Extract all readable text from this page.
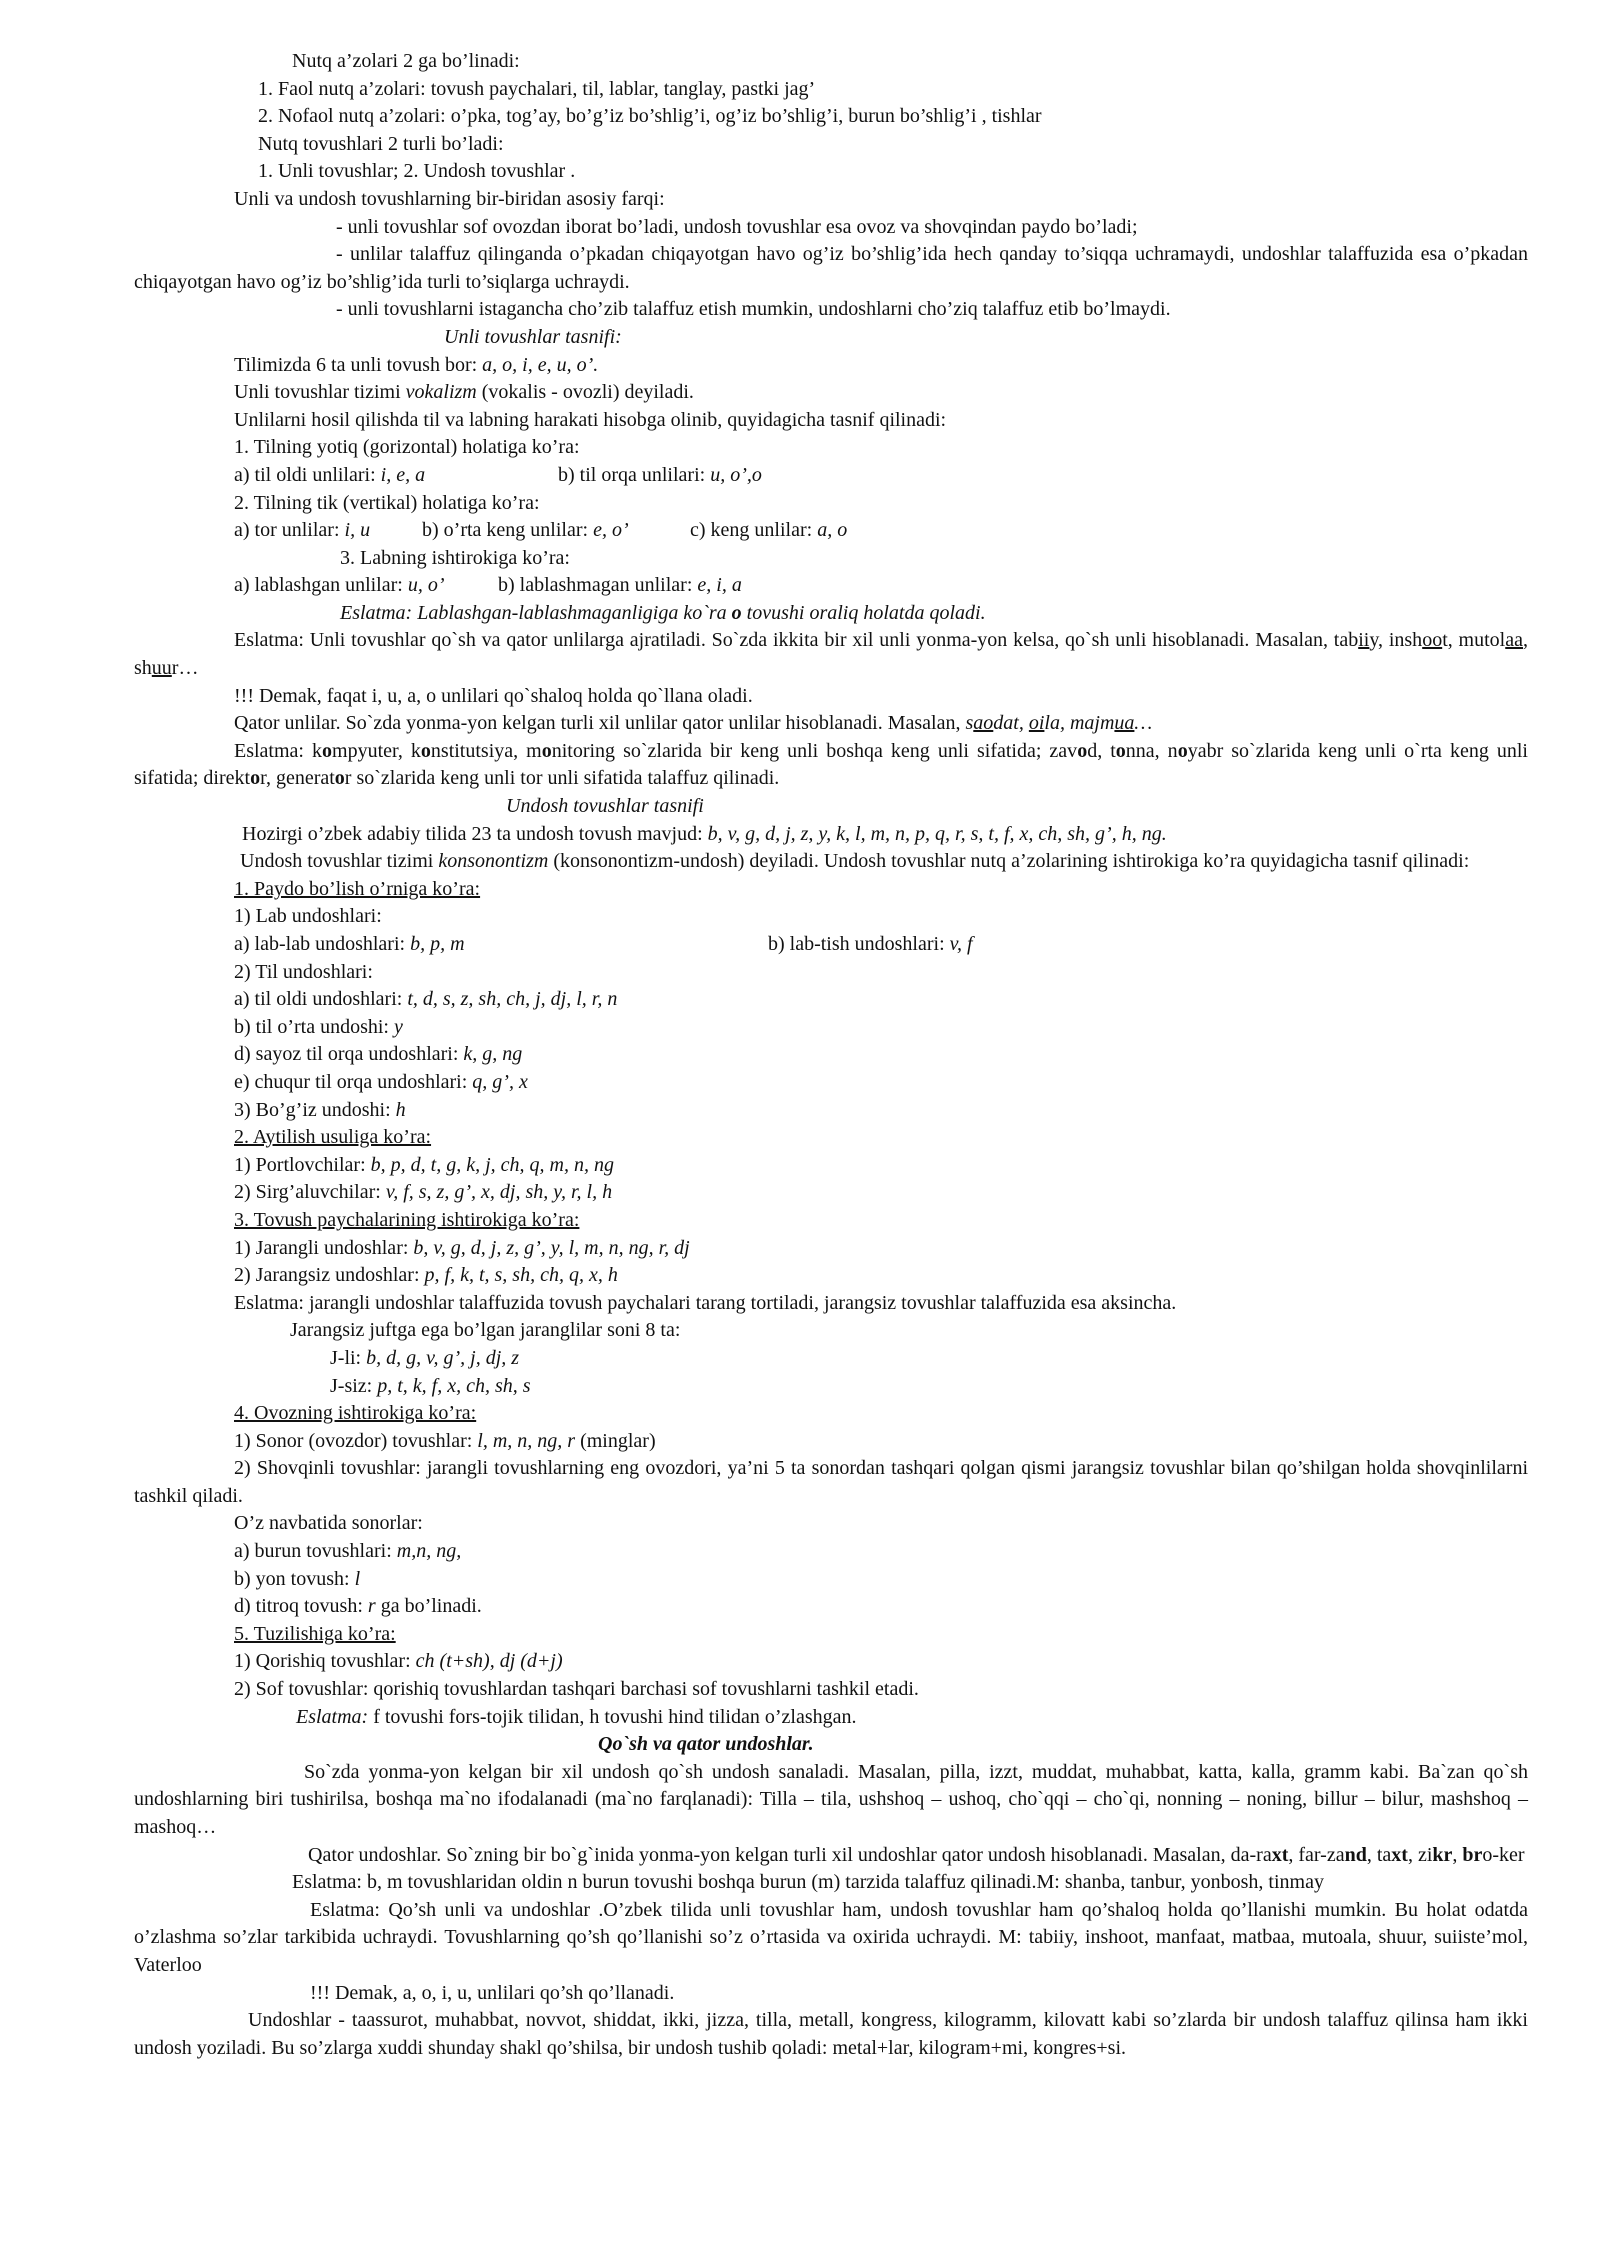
Nutq a’zolari 2 ga bo’linadi:

1. Faol nutq a’zolari: tovush paychalari, til, lablar, tanglay, pastki jag’

2. Nofaol nutq a’zolari: o’pka, tog’ay, bo’g’iz bo’shlig’i, og’iz bo’shlig’i, burun bo’shlig’i , tishlar

Nutq tovushlari 2 turli bo’ladi:

1. Unli tovushlar; 2. Undosh tovushlar .

Unli va undosh tovushlarning bir-biridan asosiy farqi:

- unli tovushlar sof ovozdan iborat bo’ladi, undosh tovushlar esa ovoz va shovqindan paydo bo’ladi;

- unlilar talaffuz qilinganda o’pkadan chiqayotgan havo og’iz bo’shlig’ida hech qanday to’siqqa uchramaydi, undoshlar talaffuzida esa o’pkadan chiqayotgan havo og’iz bo’shlig’ida turli to’siqlarga uchraydi.

- unli tovushlarni istagancha cho’zib talaffuz etish mumkin, undoshlarni cho’ziq talaffuz etib bo’lmaydi.

Unli tovushlar tasnifi:

Tilimizda 6 ta unli tovush bor: a, o, i, e, u, o’.

Unli tovushlar tizimi vokalizm (vokalis - ovozli) deyiladi.

Unlilarni hosil qilishda til va labning harakati hisobga olinib, quyidagicha tasnif qilinadi:

1. Tilning yotiq (gorizontal) holatiga ko’ra:

a) til oldi unlilari: i, e, a	b) til orqa unlilari: u, o’,o

2. Tilning tik (vertikal) holatiga ko’ra:

a) tor unlilar: i, u	b) o’rta keng unlilar: e, o’	c) keng unlilar: a, o

3. Labning ishtirokiga ko’ra:

a) lablashgan unlilar: u, o’	b) lablashmagan unlilar: e, i, a

Eslatma: Lablashgan-lablashmaganligiga ko`ra o tovushi oraliq holatda qoladi.

Eslatma: Unli tovushlar qo`sh va qator unlilarga ajratiladi. So`zda ikkita bir xil unli yonma-yon kelsa, qo`sh unli hisoblanadi. Masalan, tabiiy, inshoot, mutolaa, shuur…

!!! Demak, faqat i, u, a, o unlilari qo`shaloq holda qo`llana oladi.

Qator unlilar. So`zda yonma-yon kelgan turli xil unlilar qator unlilar hisoblanadi. Masalan, saodat, oila, majmua…

Eslatma: kompyuter, konstitutsiya, monitoring so`zlarida bir keng unli boshqa keng unli sifatida; zavod, tonna, noyabr so`zlarida keng unli o`rta keng unli sifatida; direktor, generator so`zlarida keng unli tor unli sifatida talaffuz qilinadi.

Undosh tovushlar tasnifi

Hozirgi o’zbek adabiy tilida 23 ta undosh tovush mavjud: b, v, g, d, j, z, y, k, l, m, n, p, q, r, s, t, f, x, ch, sh, g’, h, ng.

Undosh tovushlar tizimi konsonontizm (konsonontizm-undosh) deyiladi. Undosh tovushlar nutq a’zolarining ishtirokiga ko’ra quyidagicha tasnif qilinadi:

1. Paydo bo’lish o’rniga ko’ra:

1) Lab undoshlari:

a) lab-lab undoshlari: b, p, m	b) lab-tish undoshlari: v, f

2) Til undoshlari:

a) til oldi undoshlari: t, d, s, z, sh, ch, j, dj, l, r, n

b) til o’rta undoshi: y

d) sayoz til orqa undoshlari: k, g, ng

e) chuqur til orqa undoshlari: q, g’, x

3) Bo’g’iz undoshi: h

2. Aytilish usuliga ko’ra:

1) Portlovchilar: b, p, d, t, g, k, j, ch, q, m, n, ng

2) Sirg’aluvchilar: v, f, s, z, g’, x, dj, sh, y, r, l, h

3. Tovush paychalarining ishtirokiga ko’ra:

1) Jarangli undoshlar: b, v, g, d, j, z, g’, y, l, m, n, ng, r, dj

2) Jarangsiz undoshlar: p, f, k, t, s, sh, ch, q, x, h

Eslatma: jarangli undoshlar talaffuzida tovush paychalari tarang tortiladi, jarangsiz tovushlar talaffuzida esa aksincha.

Jarangsiz juftga ega bo’lgan jaranglilar soni 8 ta:

J-li: b, d, g, v, g’, j, dj, z

J-siz: p, t, k, f, x, ch, sh, s

4. Ovozning ishtirokiga ko’ra:

1) Sonor (ovozdor) tovushlar: l, m, n, ng, r (minglar)

2) Shovqinli tovushlar: jarangli tovushlarning eng ovozdori, ya’ni 5 ta sonordan tashqari qolgan qismi jarangsiz tovushlar bilan qo’shilgan holda shovqinlilarni tashkil qiladi.

O’z navbatida sonorlar:

a) burun tovushlari: m,n, ng,

b) yon tovush: l

d) titroq tovush: r ga bo’linadi.

5. Tuzilishiga ko’ra:

1) Qorishiq tovushlar: ch (t+sh), dj (d+j)

2) Sof tovushlar: qorishiq tovushlardan tashqari barchasi sof tovushlarni tashkil etadi.

Eslatma: f tovushi fors-tojik tilidan, h tovushi hind tilidan o’zlashgan.

Qo`sh va qator undoshlar.

So`zda yonma-yon kelgan bir xil undosh qo`sh undosh sanaladi. Masalan, pilla, izzt, muddat, muhabbat, katta, kalla, gramm kabi. Ba`zan qo`sh undoshlarning biri tushirilsa, boshqa ma`no ifodalanadi (ma`no farqlanadi): Tilla – tila, ushshoq – ushoq, cho`qqi – cho`qi, nonning – noning, billur – bilur, mashshoq – mashoq…

Qator undoshlar. So`zning bir bo`g`inida yonma-yon kelgan turli xil undoshlar qator undosh hisoblanadi. Masalan, da-raxt, far-zand, taxt, zikr, bro-ker

Eslatma: b, m tovushlaridan oldin n burun tovushi boshqa burun (m) tarzida talaffuz qilinadi.M: shanba, tanbur, yonbosh, tinmay

Eslatma: Qo’sh unli va undoshlar .O’zbek tilida unli tovushlar ham, undosh tovushlar ham qo’shaloq holda qo’llanishi mumkin. Bu holat odatda o’zlashma so’zlar tarkibida uchraydi. Tovushlarning qo’sh qo’llanishi so’z o’rtasida va oxirida uchraydi. M: tabiiy, inshoot, manfaat, matbaa, mutoala, shuur, suiiste’mol, Vaterloo

!!! Demak, a, o, i, u, unlilari qo’sh qo’llanadi.

Undoshlar - taassurot, muhabbat, novvot, shiddat, ikki, jizza, tilla, metall, kongress, kilogramm, kilovatt kabi so’zlarda bir undosh talaffuz qilinsa ham ikki undosh yoziladi. Bu so’zlarga xuddi shunday shakl qo’shilsa, bir undosh tushib qoladi: metal+lar, kilogram+mi, kongres+si.
